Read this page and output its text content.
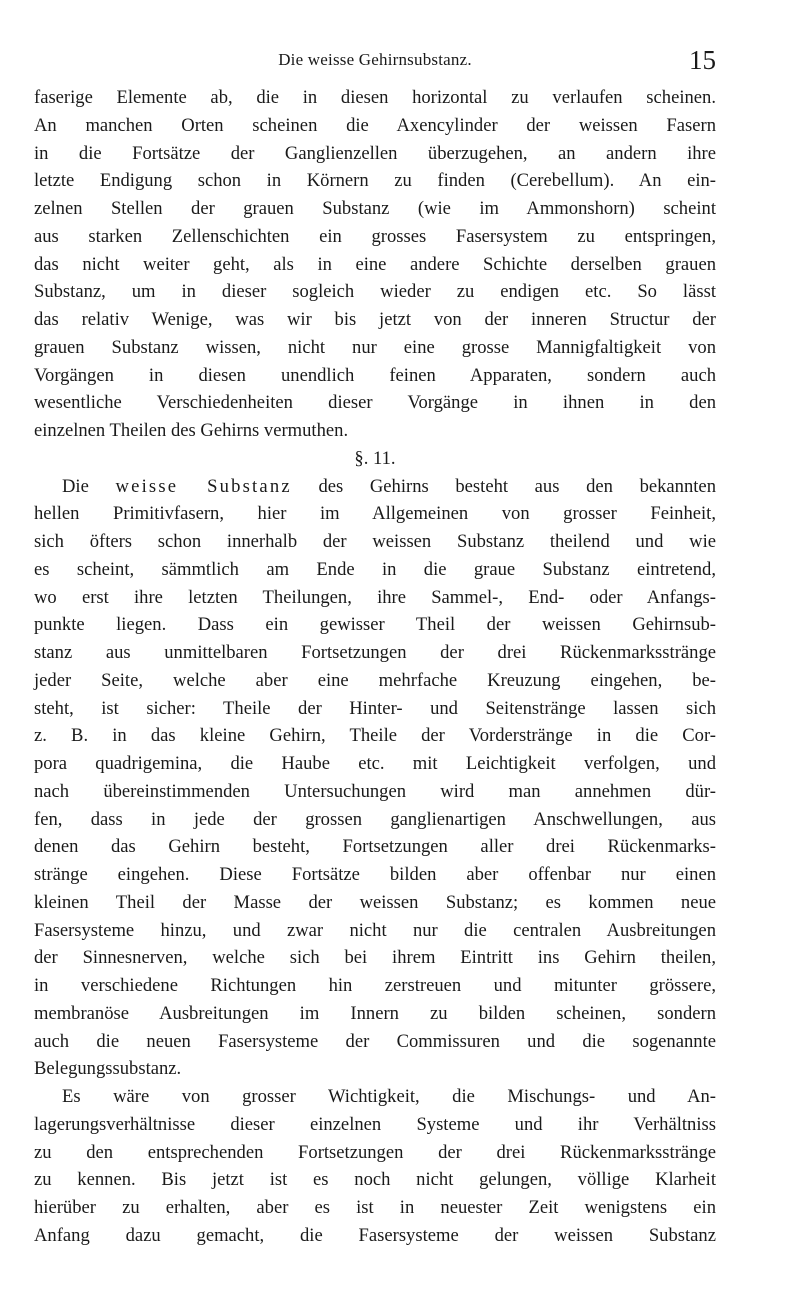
Die weisse Gehirnsubstanz.	15

faserige Elemente ab, die in diesen horizontal zu verlaufen scheinen.

An manchen Orten scheinen die Axencylinder der weissen Fasern

in die Fortsätze der Ganglienzellen überzugehen, an andern ihre

letzte Endigung schon in Körnern zu finden (Cerebellum). An ein-

zelnen Stellen der grauen Substanz (wie im Ammonshorn) scheint

aus starken Zellenschichten ein grosses Fasersystem zu entspringen,

das nicht weiter geht, als in eine andere Schichte derselben grauen

Substanz, um in dieser sogleich wieder zu endigen etc. So lässt

das relativ Wenige, was wir bis jetzt von der inneren Structur der

grauen Substanz wissen, nicht nur eine grosse Mannigfaltigkeit von

Vorgängen in diesen unendlich feinen Apparaten, sondern auch

wesentliche Verschiedenheiten dieser Vorgänge in ihnen in den

einzelnen Theilen des Gehirns vermuthen.

§. 11.

Die weisse Substanz des Gehirns besteht aus den bekannten

hellen Primitivfasern, hier im Allgemeinen von grosser Feinheit,

sich öfters schon innerhalb der weissen Substanz theilend und wie

es scheint, sämmtlich am Ende in die graue Substanz eintretend,

wo erst ihre letzten Theilungen, ihre Sammel-, End- oder Anfangs-

punkte liegen. Dass ein gewisser Theil der weissen Gehirnsub-

stanz aus unmittelbaren Fortsetzungen der drei Rückenmarksstränge

jeder Seite, welche aber eine mehrfache Kreuzung eingehen, be-

steht, ist sicher: Theile der Hinter- und Seitenstränge lassen sich

z. B. in das kleine Gehirn, Theile der Vorderstränge in die Cor-

pora quadrigemina, die Haube etc. mit Leichtigkeit verfolgen, und

nach übereinstimmenden Untersuchungen wird man annehmen dür-

fen, dass in jede der grossen ganglienartigen Anschwellungen, aus

denen das Gehirn besteht, Fortsetzungen aller drei Rückenmarks-

stränge eingehen. Diese Fortsätze bilden aber offenbar nur einen

kleinen Theil der Masse der weissen Substanz; es kommen neue

Fasersysteme hinzu, und zwar nicht nur die centralen Ausbreitungen

der Sinnesnerven, welche sich bei ihrem Eintritt ins Gehirn theilen,

in verschiedene Richtungen hin zerstreuen und mitunter grössere,

membranöse Ausbreitungen im Innern zu bilden scheinen, sondern

auch die neuen Fasersysteme der Commissuren und die sogenannte

Belegungssubstanz.

Es wäre von grosser Wichtigkeit, die Mischungs- und An-

lagerungsverhältnisse dieser einzelnen Systeme und ihr Verhältniss

zu den entsprechenden Fortsetzungen der drei Rückenmarksstränge

zu kennen. Bis jetzt ist es noch nicht gelungen, völlige Klarheit

hierüber zu erhalten, aber es ist in neuester Zeit wenigstens ein

Anfang dazu gemacht, die Fasersysteme der weissen Substanz
